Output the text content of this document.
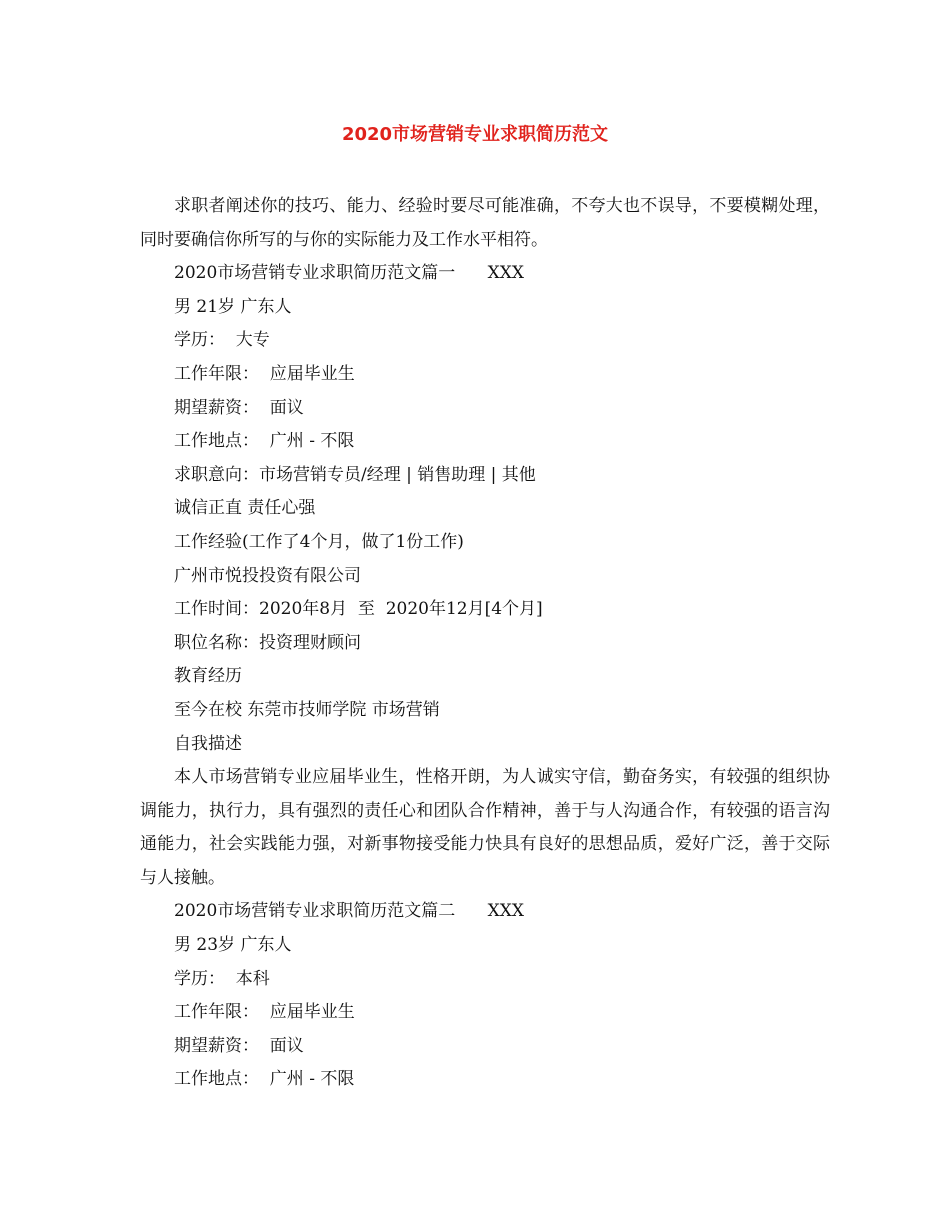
2020市场营销专业求职简历范文

求职者阐述你的技巧、能力、经验时要尽可能准确，不夸大也不误导，不要模糊处理，同时要确信你所写的与你的实际能力及工作水平相符。

2020市场营销专业求职简历范文篇一      XXX

男 21岁 广东人

学历：  大专

工作年限：  应届毕业生

期望薪资：  面议

工作地点：  广州 - 不限

求职意向：市场营销专员/经理 | 销售助理 | 其他

诚信正直 责任心强

工作经验(工作了4个月，做了1份工作)

广州市悦投投资有限公司

工作时间：2020年8月  至  2020年12月[4个月]

职位名称：投资理财顾问

教育经历

至今在校 东莞市技师学院 市场营销

自我描述

本人市场营销专业应届毕业生，性格开朗，为人诚实守信，勤奋务实，有较强的组织协调能力，执行力，具有强烈的责任心和团队合作精神，善于与人沟通合作，有较强的语言沟通能力，社会实践能力强，对新事物接受能力快具有良好的思想品质，爱好广泛，善于交际与人接触。

2020市场营销专业求职简历范文篇二      XXX

男 23岁 广东人

学历：  本科

工作年限：  应届毕业生

期望薪资：  面议

工作地点：  广州 - 不限
